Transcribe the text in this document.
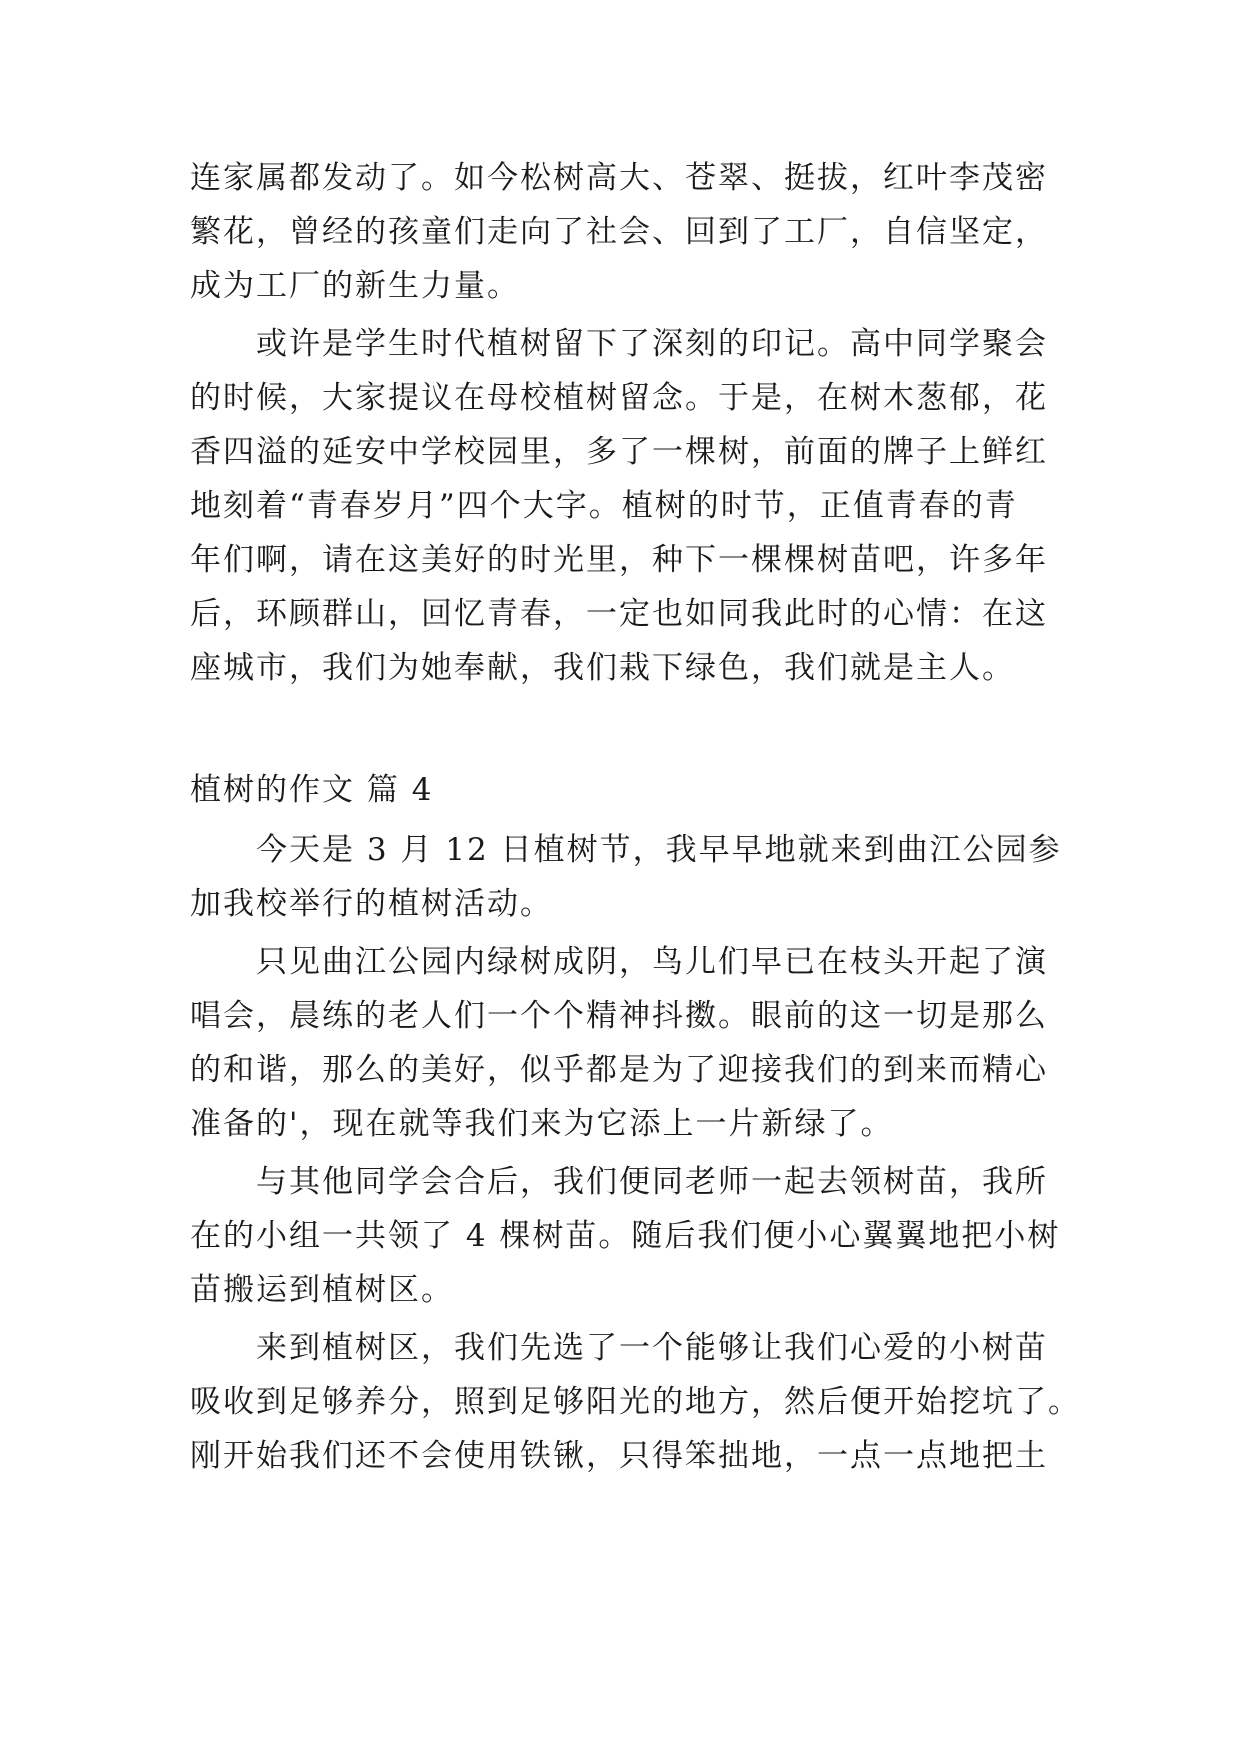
连家属都发动了。如今松树高大、苍翠、挺拔，红叶李茂密
繁花，曾经的孩童们走向了社会、回到了工厂，自信坚定，
成为工厂的新生力量。
或许是学生时代植树留下了深刻的印记。高中同学聚会
的时候，大家提议在母校植树留念。于是，在树木葱郁，花
香四溢的延安中学校园里，多了一棵树，前面的牌子上鲜红
地刻着“青春岁月”四个大字。植树的时节，正值青春的青
年们啊，请在这美好的时光里，种下一棵棵树苗吧，许多年
后，环顾群山，回忆青春，一定也如同我此时的心情：在这
座城市，我们为她奉献，我们栽下绿色，我们就是主人。
植树的作文 篇 4
今天是 3 月 12 日植树节，我早早地就来到曲江公园参
加我校举行的植树活动。
只见曲江公园内绿树成阴，鸟儿们早已在枝头开起了演
唱会，晨练的老人们一个个精神抖擞。眼前的这一切是那么
的和谐，那么的美好，似乎都是为了迎接我们的到来而精心
准备的'，现在就等我们来为它添上一片新绿了。
与其他同学会合后，我们便同老师一起去领树苗，我所
在的小组一共领了 4 棵树苗。随后我们便小心翼翼地把小树
苗搬运到植树区。
来到植树区，我们先选了一个能够让我们心爱的小树苗
吸收到足够养分，照到足够阳光的地方，然后便开始挖坑了。
刚开始我们还不会使用铁锹，只得笨拙地，一点一点地把土
